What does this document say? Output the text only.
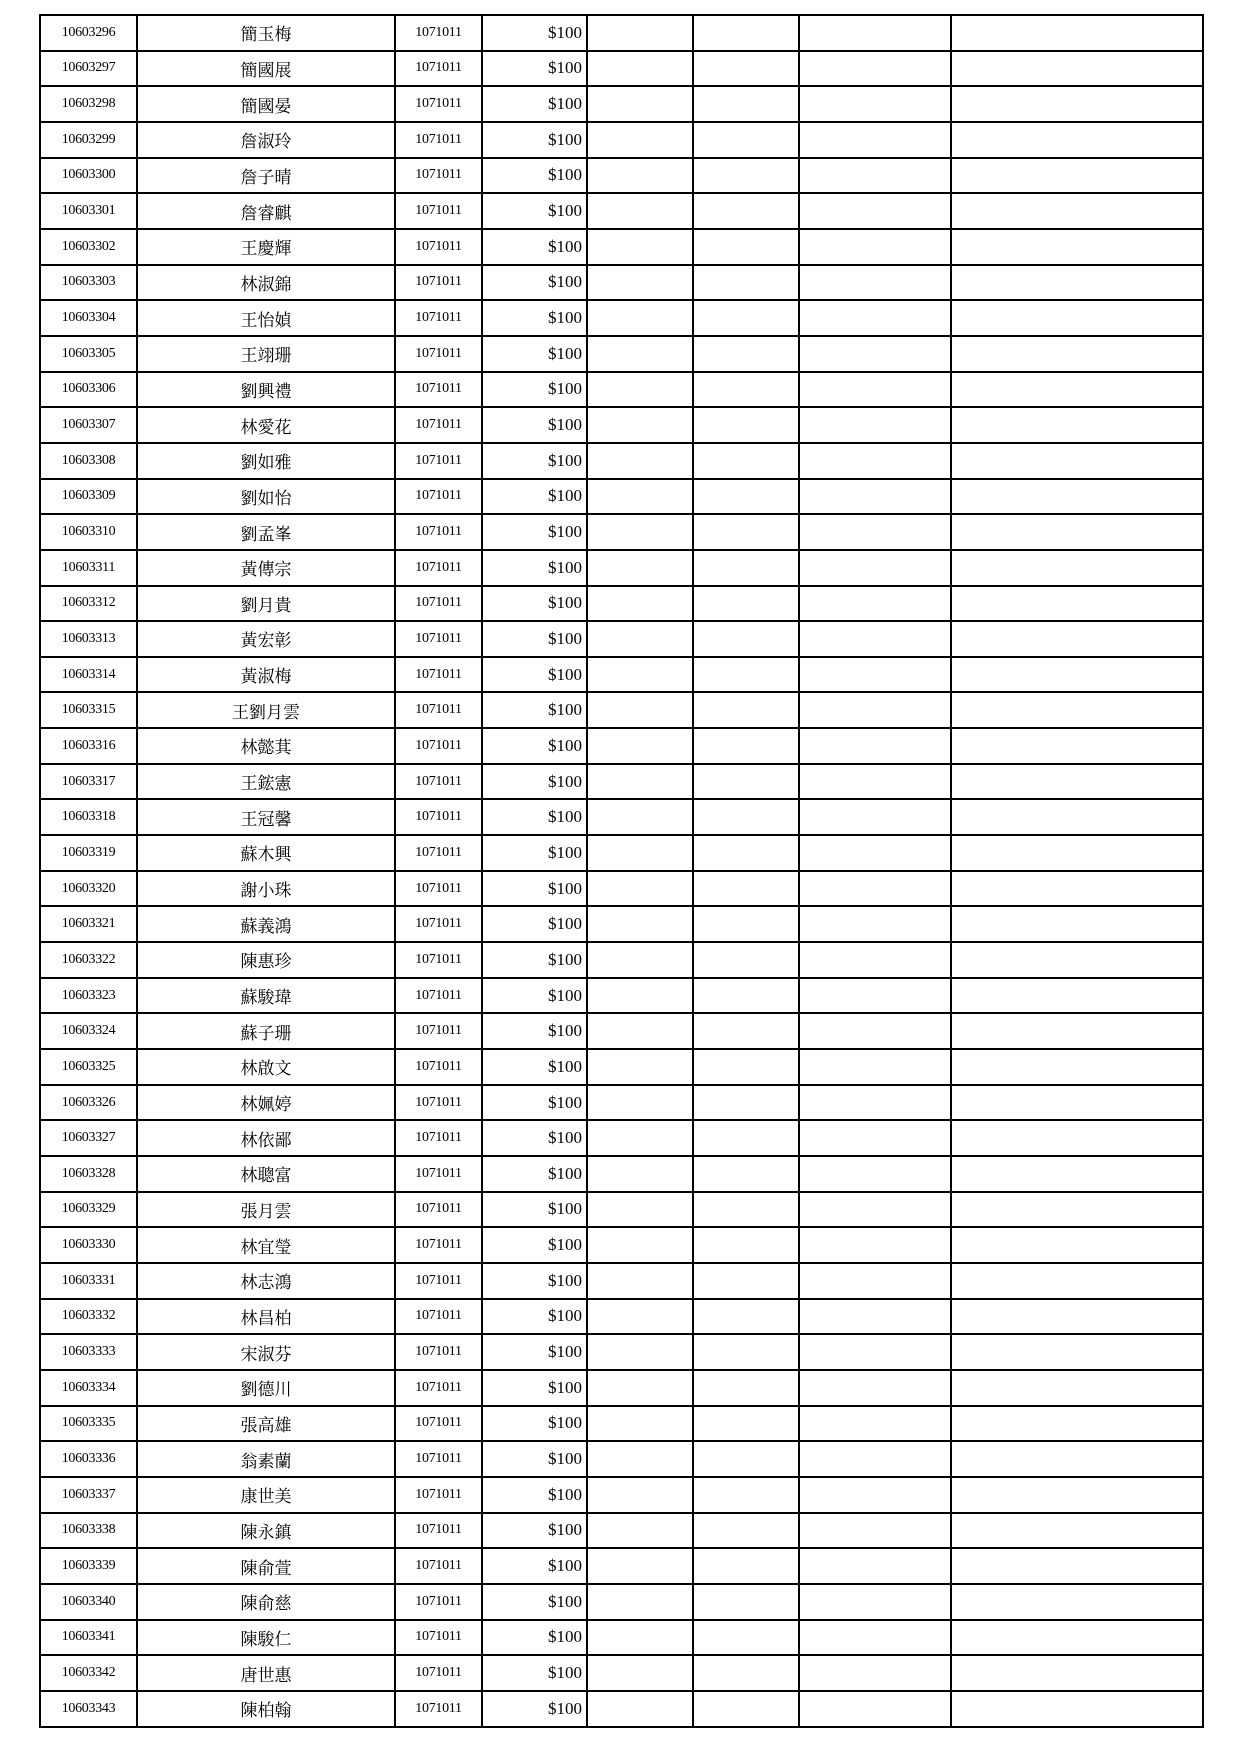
10603296	簡玉梅	1071011	$100				
10603297	簡國展	1071011	$100				
10603298	簡國晏	1071011	$100				
10603299	詹淑玲	1071011	$100				
10603300	詹子晴	1071011	$100				
10603301	詹睿麒	1071011	$100				
10603302	王慶輝	1071011	$100				
10603303	林淑錦	1071011	$100				
10603304	王怡媜	1071011	$100				
10603305	王翊珊	1071011	$100				
10603306	劉興禮	1071011	$100				
10603307	林愛花	1071011	$100				
10603308	劉如雅	1071011	$100				
10603309	劉如怡	1071011	$100				
10603310	劉孟峯	1071011	$100				
10603311	黃傳宗	1071011	$100				
10603312	劉月貴	1071011	$100				
10603313	黃宏彰	1071011	$100				
10603314	黃淑梅	1071011	$100				
10603315	王劉月雲	1071011	$100				
10603316	林懿萁	1071011	$100				
10603317	王鋐憲	1071011	$100				
10603318	王冠馨	1071011	$100				
10603319	蘇木興	1071011	$100				
10603320	謝小珠	1071011	$100				
10603321	蘇義鴻	1071011	$100				
10603322	陳惠珍	1071011	$100				
10603323	蘇駿瑋	1071011	$100				
10603324	蘇子珊	1071011	$100				
10603325	林啟文	1071011	$100				
10603326	林姵婷	1071011	$100				
10603327	林依鄙	1071011	$100				
10603328	林聰富	1071011	$100				
10603329	張月雲	1071011	$100				
10603330	林宜瑩	1071011	$100				
10603331	林志鴻	1071011	$100				
10603332	林昌柏	1071011	$100				
10603333	宋淑芬	1071011	$100				
10603334	劉德川	1071011	$100				
10603335	張高雄	1071011	$100				
10603336	翁素蘭	1071011	$100				
10603337	康世美	1071011	$100				
10603338	陳永鎮	1071011	$100				
10603339	陳俞萱	1071011	$100				
10603340	陳俞慈	1071011	$100				
10603341	陳駿仁	1071011	$100				
10603342	唐世惠	1071011	$100				
10603343	陳柏翰	1071011	$100				
